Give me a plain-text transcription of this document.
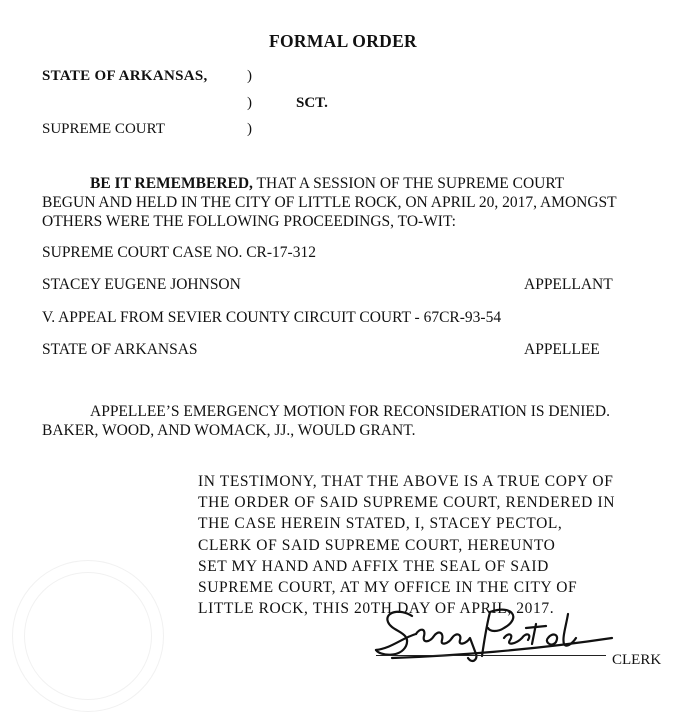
FORMAL ORDER
STATE OF ARKANSAS,	)
)	SCT.
SUPREME COURT	)
BE IT REMEMBERED, THAT A SESSION OF THE SUPREME COURT
BEGUN AND HELD IN THE CITY OF LITTLE ROCK, ON APRIL 20, 2017, AMONGST
OTHERS WERE THE FOLLOWING PROCEEDINGS, TO-WIT:
SUPREME COURT CASE NO. CR-17-312
STACEY EUGENE JOHNSON	APPELLANT
V. APPEAL FROM SEVIER COUNTY CIRCUIT COURT - 67CR-93-54
STATE OF ARKANSAS	APPELLEE
APPELLEE’S EMERGENCY MOTION FOR RECONSIDERATION IS DENIED.
BAKER, WOOD, AND WOMACK, JJ., WOULD GRANT.
IN TESTIMONY, THAT THE ABOVE IS A TRUE COPY OF
THE ORDER OF SAID SUPREME COURT, RENDERED IN
THE CASE HEREIN STATED, I, STACEY PECTOL,
CLERK OF SAID SUPREME COURT, HEREUNTO
SET MY HAND AND AFFIX THE SEAL OF SAID
SUPREME COURT, AT MY OFFICE IN THE CITY OF
LITTLE ROCK, THIS 20TH DAY OF APRIL, 2017.
CLERK
